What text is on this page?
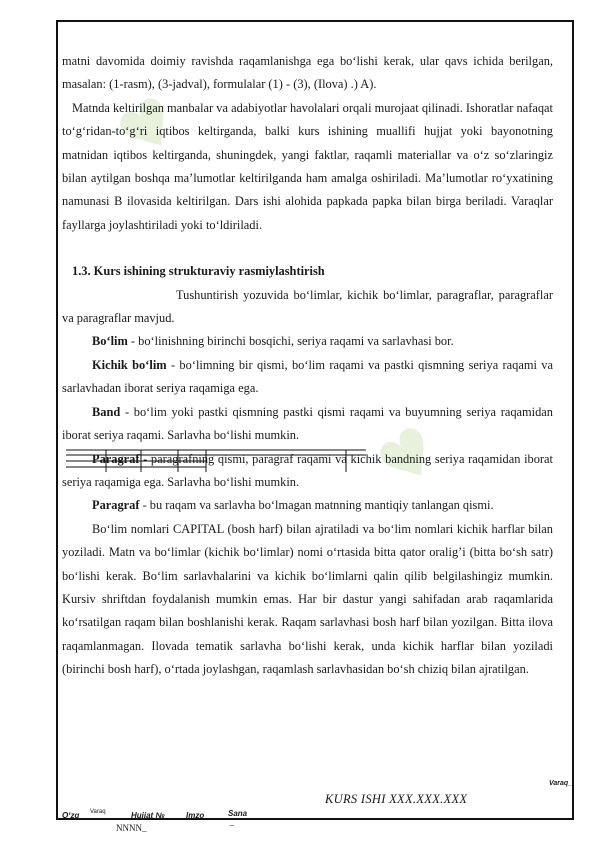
♥
♥

matni davomida doimiy ravishda raqamlanishga ega bo‘lishi kerak, ular qavs ichida berilgan, masalan: (1-rasm), (3-jadval), formulalar (1) - (3), (Ilova) .) A).

Matnda keltirilgan manbalar va adabiyotlar havolalari orqali murojaat qilinadi. Ishoratlar nafaqat to‘g‘ridan-to‘g‘ri iqtibos keltirganda, balki kurs ishining muallifi hujjat yoki bayonotning matnidan iqtibos keltirganda, shuningdek, yangi faktlar, raqamli materiallar va o‘z so‘zlaringiz bilan aytilgan boshqa ma’lumotlar keltirilganda ham amalga oshiriladi. Ma’lumotlar ro‘yxatining namunasi B ilovasida keltirilgan. Dars ishi alohida papkada papka bilan birga beriladi. Varaqlar fayllarga joylashtiriladi yoki to‘ldiriladi.

1.3. Kurs ishining strukturaviy rasmiylashtirish

Tushuntirish yozuvida bo‘limlar, kichik bo‘limlar, paragraflar, paragraflar va paragraflar mavjud.

Bo‘lim - bo‘linishning birinchi bosqichi, seriya raqami va sarlavhasi bor.

Kichik bo‘lim - bo‘limning bir qismi, bo‘lim raqami va pastki qismning seriya raqami va sarlavhadan iborat seriya raqamiga ega.

Band - bo‘lim yoki pastki qismning pastki qismi raqami va buyumning seriya raqamidan iborat seriya raqami. Sarlavha bo‘lishi mumkin.

Paragraf - paragrafning qismi, paragraf raqami va kichik bandning seriya raqamidan iborat seriya raqamiga ega. Sarlavha bo‘lishi mumkin.

Paragraf - bu raqam va sarlavha bo‘lmagan matnning mantiqiy tanlangan qismi.

Bo‘lim nomlari CAPITAL (bosh harf) bilan ajratiladi va bo‘lim nomlari kichik harflar bilan yoziladi. Matn va bo‘limlar (kichik bo‘limlar) nomi o‘rtasida bitta qator oralig’i (bitta bo‘sh satr) bo‘lishi kerak. Bo‘lim sarlavhalarini va kichik bo‘limlarni qalin qilib belgilashingiz mumkin. Kursiv shriftdan foydalanish mumkin emas. Har bir dastur yangi sahifadan arab raqamlarida ko‘rsatilgan raqam bilan boshlanishi kerak. Raqam sarlavhasi bosh harf bilan yozilgan. Bitta ilova raqamlanmagan. Ilovada tematik sarlavha bo‘lishi kerak, unda kichik harflar bilan yoziladi (birinchi bosh harf), o‘rtada joylashgan, raqamlash sarlavhasidan bo‘sh chiziq bilan ajratilgan.

Varaq_
KURS ISHI XXX.XXX.XXX
O‘zg Varaq	Hujjat №
NNNN_
Imzo_ Sana
_
